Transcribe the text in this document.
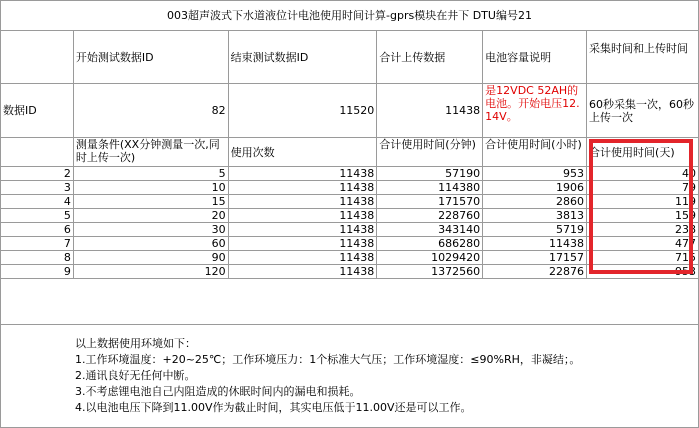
003超声波式下水道液位计电池使用时间计算-gprs模块在井下 DTU编号21					
	开始测试数据ID	结束测试数据ID	合计上传数据	电池容量说明	采集时间和上传时间
数据ID	82	11520	11438	是12VDC 52AH的电池。开始电压12.14V。	60秒采集一次，60秒上传一次
	测量条件(XX分钟测量一次,同时上传一次)	使用次数	合计使用时间(分钟)	合计使用时间(小时)	合计使用时间(天)
2	5	11438	57190	953	40
3	10	11438	114380	1906	79
4	15	11438	171570	2860	119
5	20	11438	228760	3813	159
6	30	11438	343140	5719	238
7	60	11438	686280	11438	477
8	90	11438	1029420	17157	715
9	120	11438	1372560	22876	953

以上数据使用环境如下：
1.工作环境温度：+20~25℃；工作环境压力：1个标准大气压；工作环境湿度：≤90%RH，非凝结；。
2.通讯良好无任何中断。
3.不考虑锂电池自己内阻造成的休眠时间内的漏电和损耗。
4.以电池电压下降到11.00V作为截止时间，其实电压低于11.00V还是可以工作。					
